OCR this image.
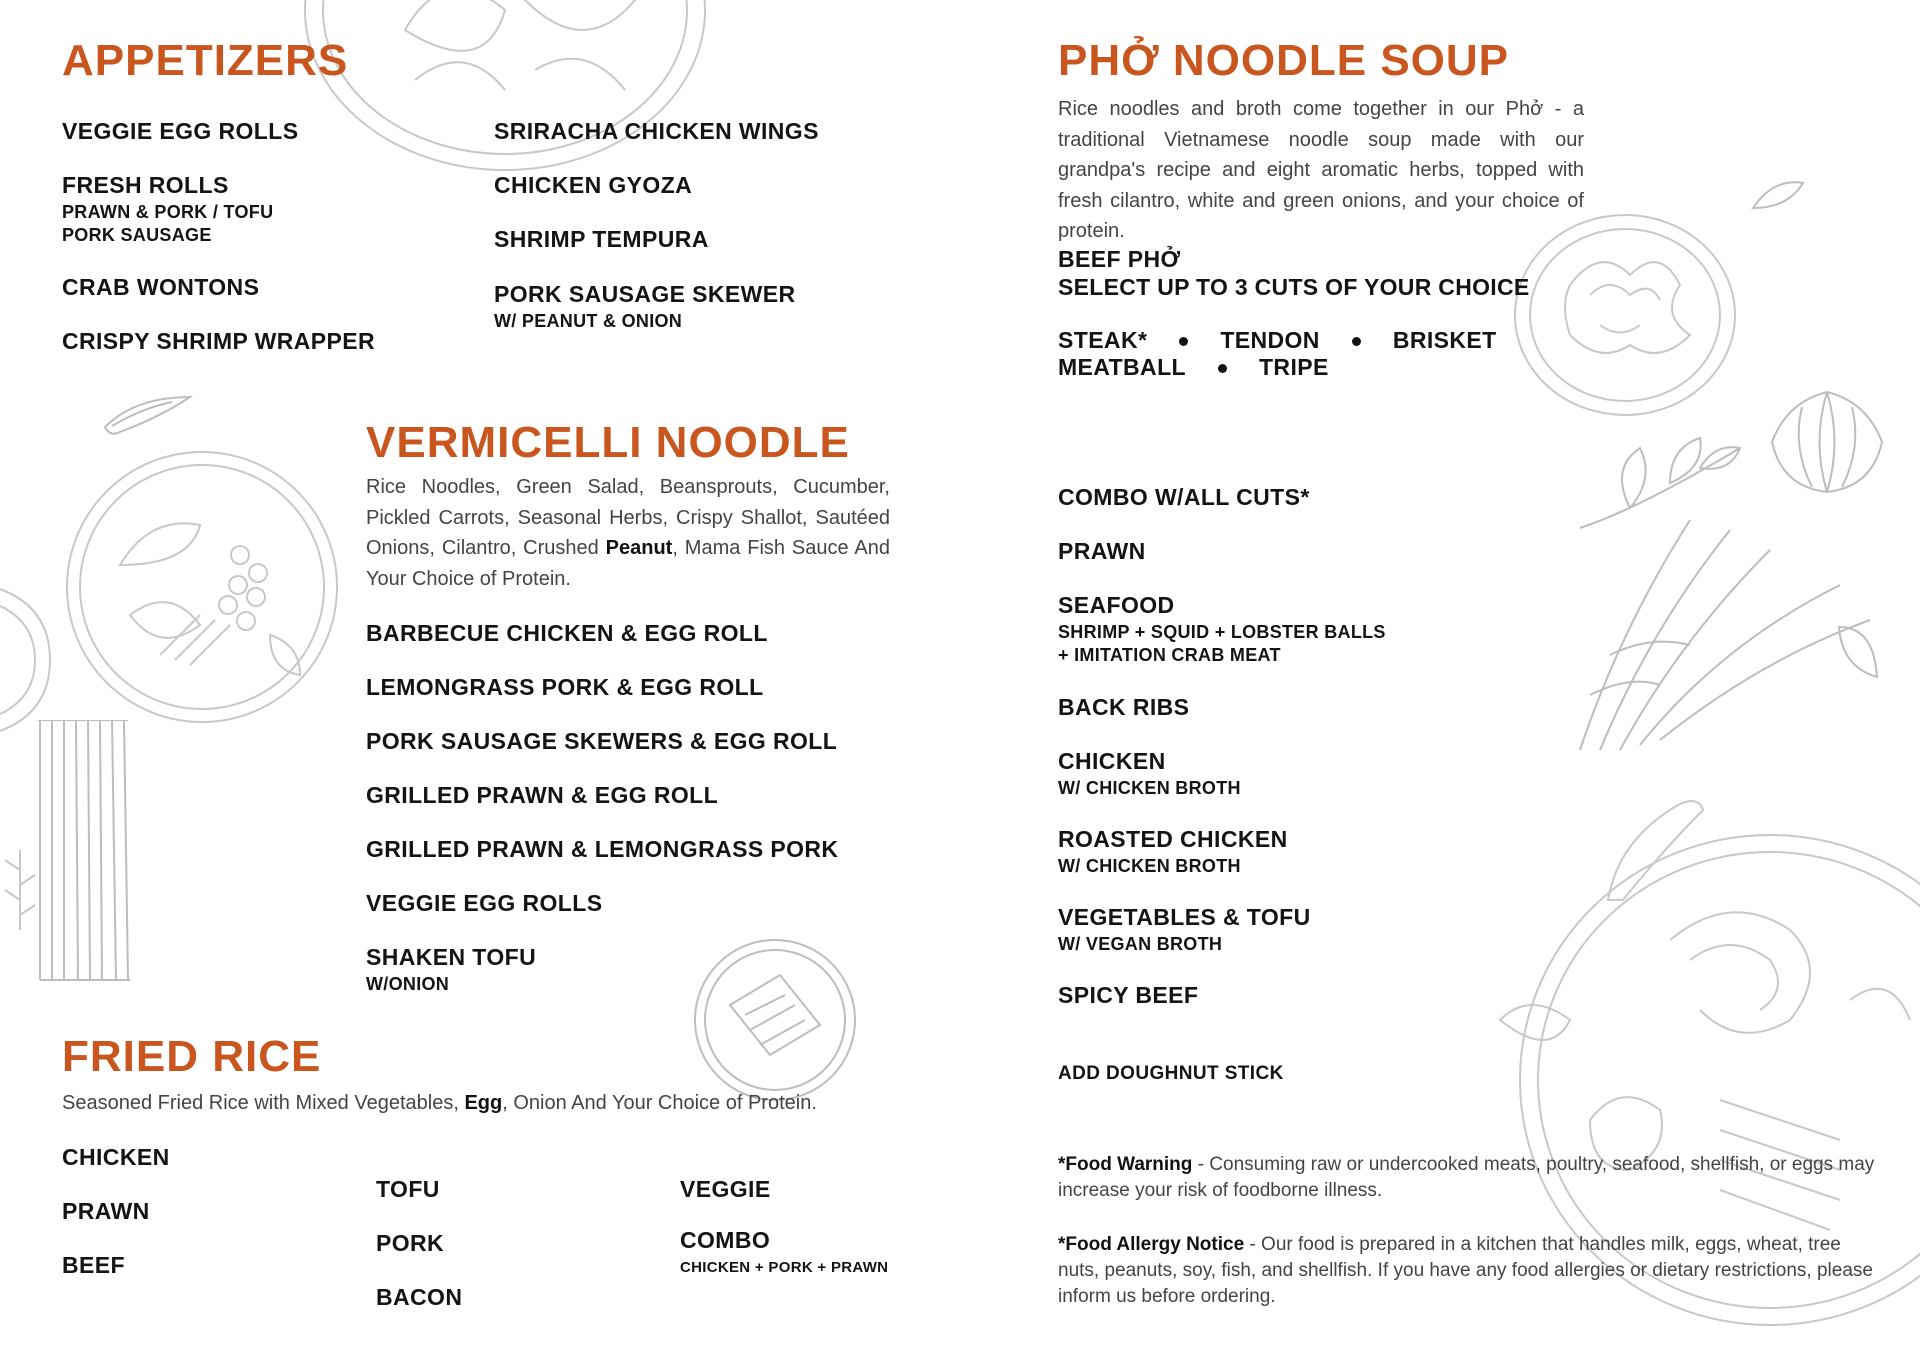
APPETIZERS
VEGGIE EGG ROLLS
FRESH ROLLS
PRAWN & PORK / TOFU
PORK SAUSAGE
CRAB WONTONS
CRISPY SHRIMP WRAPPER
SRIRACHA CHICKEN WINGS
CHICKEN GYOZA
SHRIMP TEMPURA
PORK SAUSAGE SKEWER
W/ PEANUT & ONION
VERMICELLI NOODLE
Rice Noodles, Green Salad, Beansprouts, Cucumber, Pickled Carrots, Seasonal Herbs, Crispy Shallot, Sautéed Onions, Cilantro, Crushed Peanut, Mama Fish Sauce And Your Choice of Protein.
BARBECUE CHICKEN & EGG ROLL
LEMONGRASS PORK & EGG ROLL
PORK SAUSAGE SKEWERS & EGG ROLL
GRILLED PRAWN & EGG ROLL
GRILLED PRAWN & LEMONGRASS PORK
VEGGIE EGG ROLLS
SHAKEN TOFU
W/ONION
FRIED RICE
Seasoned Fried Rice with Mixed Vegetables, Egg, Onion And Your Choice of Protein.
CHICKEN
PRAWN
BEEF
TOFU
PORK
BACON
VEGGIE
COMBO
CHICKEN + PORK + PRAWN
PHỞ NOODLE SOUP
Rice noodles and broth come together in our Phở - a traditional Vietnamese noodle soup made with our grandpa's recipe and eight aromatic herbs, topped with fresh cilantro, white and green onions, and your choice of protein.
BEEF PHỞ
SELECT UP TO 3 CUTS OF YOUR CHOICE
STEAK*	TENDON	BRISKET
MEATBALL	TRIPE
COMBO W/ALL CUTS*
PRAWN
SEAFOOD
SHRIMP + SQUID + LOBSTER BALLS
+ IMITATION CRAB MEAT
BACK RIBS
CHICKEN
W/ CHICKEN BROTH
ROASTED CHICKEN
W/ CHICKEN BROTH
VEGETABLES & TOFU
W/ VEGAN BROTH
SPICY BEEF
ADD DOUGHNUT STICK
*Food Warning - Consuming raw or undercooked meats, poultry, seafood, shellfish, or eggs may increase your risk of foodborne illness.
*Food Allergy Notice - Our food is prepared in a kitchen that handles milk, eggs, wheat, tree nuts, peanuts, soy, fish, and shellfish. If you have any food allergies or dietary restrictions, please inform us before ordering.
